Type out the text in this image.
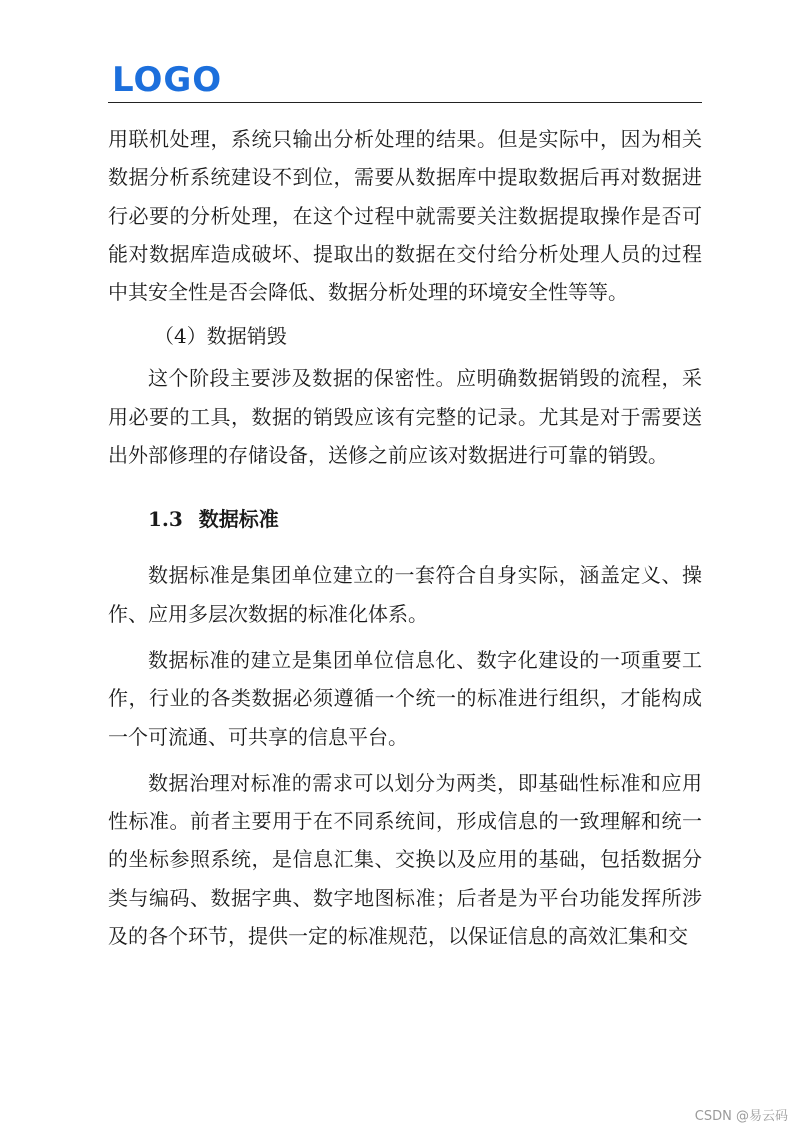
LOGO

用联机处理，系统只输出分析处理的结果。但是实际中，因为相关数据分析系统建设不到位，需要从数据库中提取数据后再对数据进行必要的分析处理，在这个过程中就需要关注数据提取操作是否可能对数据库造成破坏、提取出的数据在交付给分析处理人员的过程中其安全性是否会降低、数据分析处理的环境安全性等等。

（4）数据销毁

这个阶段主要涉及数据的保密性。应明确数据销毁的流程，采用必要的工具，数据的销毁应该有完整的记录。尤其是对于需要送出外部修理的存储设备，送修之前应该对数据进行可靠的销毁。

1.3 数据标准

数据标准是集团单位建立的一套符合自身实际，涵盖定义、操作、应用多层次数据的标准化体系。

数据标准的建立是集团单位信息化、数字化建设的一项重要工作，行业的各类数据必须遵循一个统一的标准进行组织，才能构成一个可流通、可共享的信息平台。

数据治理对标准的需求可以划分为两类，即基础性标准和应用性标准。前者主要用于在不同系统间，形成信息的一致理解和统一的坐标参照系统，是信息汇集、交换以及应用的基础，包括数据分类与编码、数据字典、数字地图标准；后者是为平台功能发挥所涉及的各个环节，提供一定的标准规范，以保证信息的高效汇集和交

CSDN @易云码
